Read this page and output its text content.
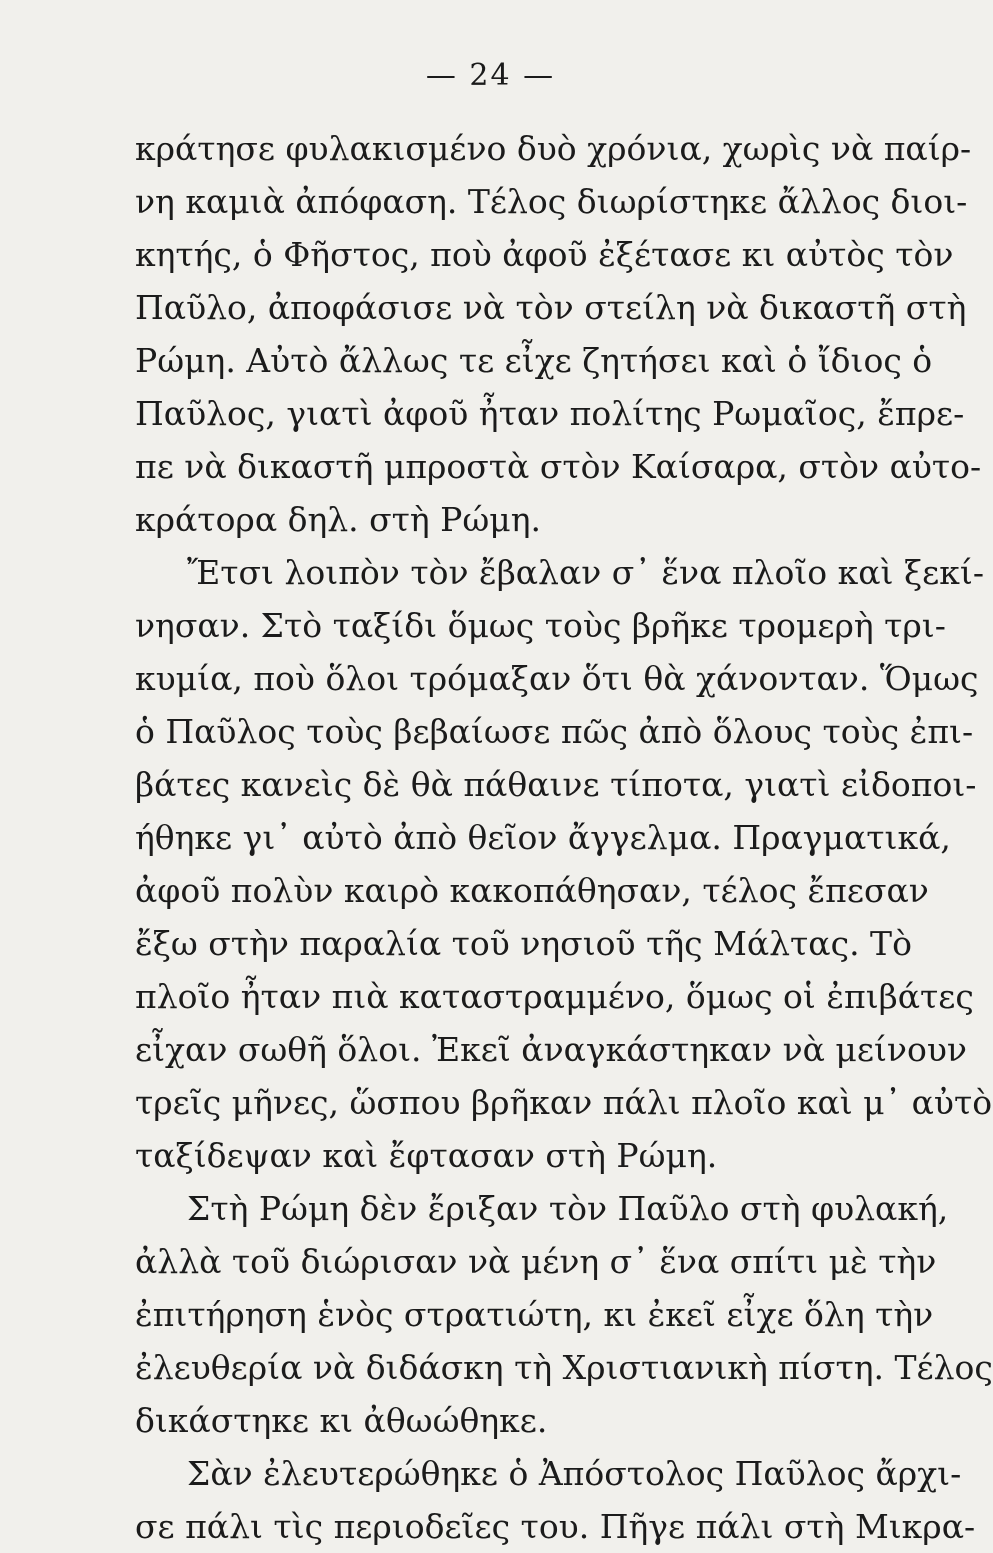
— 24 —
κράτησε φυλακισμένο δυὸ χρόνια, χωρὶς νὰ παίρ-
νη καμιὰ ἀπόφαση. Τέλος διωρίστηκε ἄλλος διοι-
κητής, ὁ Φῆστος, ποὺ ἀφοῦ ἐξέτασε κι αὐτὸς τὸν
Παῦλο, ἀποφάσισε νὰ τὸν στείλη νὰ δικαστῆ στὴ
Ρώμη. Αὐτὸ ἄλλως τε εἶχε ζητήσει καὶ ὁ ἴδιος ὁ
Παῦλος, γιατὶ ἀφοῦ ἦταν πολίτης Ρωμαῖος, ἔπρε-
πε νὰ δικαστῆ μπροστὰ στὸν Καίσαρα, στὸν αὐτο-
κράτορα δηλ. στὴ Ρώμη.
Ἔτσι λοιπὸν τὸν ἔβαλαν σ᾿ ἕνα πλοῖο καὶ ξεκί-
νησαν. Στὸ ταξίδι ὅμως τοὺς βρῆκε τρομερὴ τρι-
κυμία, ποὺ ὅλοι τρόμαξαν ὅτι θὰ χάνονταν. Ὅμως
ὁ Παῦλος τοὺς βεβαίωσε πῶς ἀπὸ ὅλους τοὺς ἐπι-
βάτες κανεὶς δὲ θὰ πάθαινε τίποτα, γιατὶ εἰδοποι-
ήθηκε γι᾿ αὐτὸ ἀπὸ θεῖον ἄγγελμα. Πραγματικά,
ἀφοῦ πολὺν καιρὸ κακοπάθησαν, τέλος ἔπεσαν
ἔξω στὴν παραλία τοῦ νησιοῦ τῆς Μάλτας. Τὸ
πλοῖο ἦταν πιὰ καταστραμμένο, ὅμως οἱ ἐπιβάτες
εἶχαν σωθῆ ὅλοι. Ἐκεῖ ἀναγκάστηκαν νὰ μείνουν
τρεῖς μῆνες, ὥσπου βρῆκαν πάλι πλοῖο καὶ μ᾿ αὐτὸ
ταξίδεψαν καὶ ἔφτασαν στὴ Ρώμη.
Στὴ Ρώμη δὲν ἔριξαν τὸν Παῦλο στὴ φυλακή,
ἀλλὰ τοῦ διώρισαν νὰ μένη σ᾿ ἕνα σπίτι μὲ τὴν
ἐπιτήρηση ἑνὸς στρατιώτη, κι ἐκεῖ εἶχε ὅλη τὴν
ἐλευθερία νὰ διδάσκη τὴ Χριστιανικὴ πίστη. Τέλος
δικάστηκε κι ἀθωώθηκε.
Σὰν ἐλευτερώθηκε ὁ Ἀπόστολος Παῦλος ἄρχι-
σε πάλι τὶς περιοδεῖες του. Πῆγε πάλι στὴ Μικρα-
